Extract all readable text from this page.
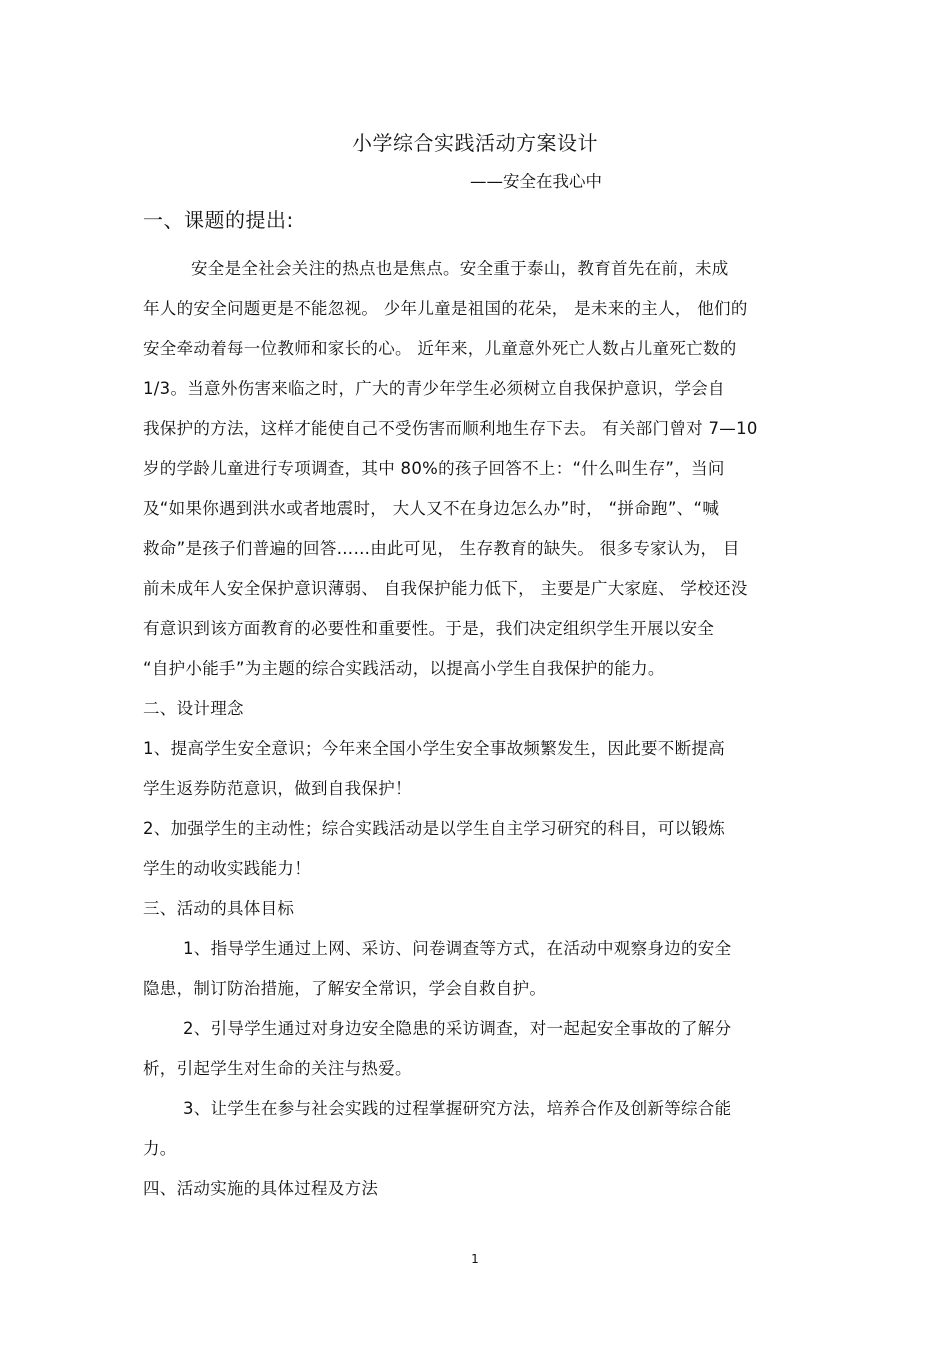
小学综合实践活动方案设计
——安全在我心中
一、课题的提出:
安全是全社会关注的热点也是焦点。安全重于泰山，教育首先在前，未成
年人的安全问题更是不能忽视。 少年儿童是祖国的花朵， 是未来的主人， 他们的
安全牵动着每一位教师和家长的心。 近年来，儿童意外死亡人数占儿童死亡数的
1/3。当意外伤害来临之时，广大的青少年学生必须树立自我保护意识，学会自
我保护的方法，这样才能使自己不受伤害而顺利地生存下去。 有关部门曾对 7—10
岁的学龄儿童进行专项调查，其中 80%的孩子回答不上：“什么叫生存”，当问
及“如果你遇到洪水或者地震时， 大人又不在身边怎么办”时， “拼命跑”、“喊
救命”是孩子们普遍的回答……由此可见， 生存教育的缺失。 很多专家认为， 目
前未成年人安全保护意识薄弱、 自我保护能力低下， 主要是广大家庭、 学校还没
有意识到该方面教育的必要性和重要性。于是，我们决定组织学生开展以安全
“自护小能手”为主题的综合实践活动，以提高小学生自我保护的能力。
二、设计理念
1、提高学生安全意识；今年来全国小学生安全事故频繁发生，因此要不断提高
学生返券防范意识，做到自我保护！
2、加强学生的主动性；综合实践活动是以学生自主学习研究的科目，可以锻炼
学生的动收实践能力！
三、活动的具体目标
1、指导学生通过上网、采访、问卷调查等方式，在活动中观察身边的安全
隐患，制订防治措施，了解安全常识，学会自救自护。
2、引导学生通过对身边安全隐患的采访调查，对一起起安全事故的了解分
析，引起学生对生命的关注与热爱。
3、让学生在参与社会实践的过程掌握研究方法，培养合作及创新等综合能
力。
四、活动实施的具体过程及方法
1
